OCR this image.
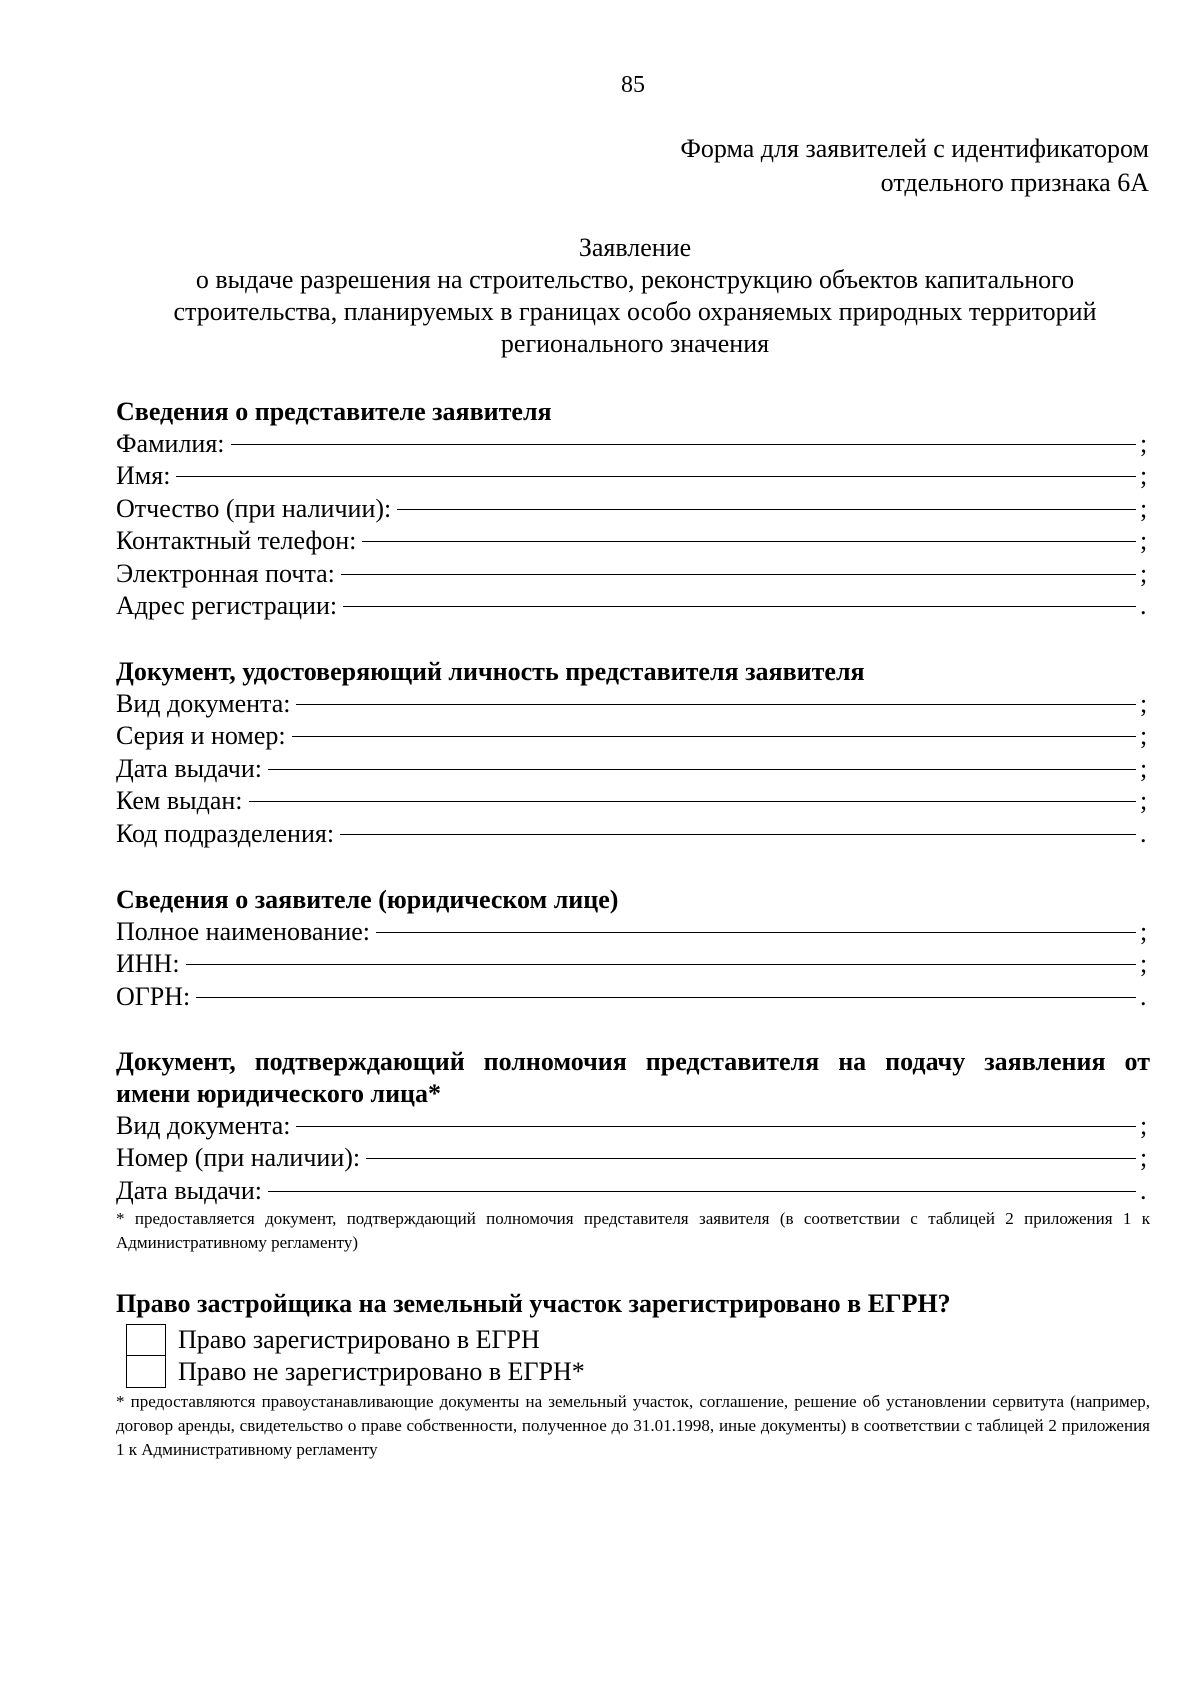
85
Форма для заявителей с идентификатором
отдельного признака 6А
Заявление
о выдаче разрешения на строительство, реконструкцию объектов капитального
строительства, планируемых в границах особо охраняемых природных территорий
регионального значения
Сведения о представителе заявителя
Фамилия:	;
Имя:	;
Отчество (при наличии):	;
Контактный телефон:	;
Электронная почта:	;
Адрес регистрации:	.
Документ, удостоверяющий личность представителя заявителя
Вид документа:	;
Серия и номер:	;
Дата выдачи:	;
Кем выдан:	;
Код подразделения:	.
Сведения о заявителе (юридическом лице)
Полное наименование:	;
ИНН:	;
ОГРН:	.
Документ, подтверждающий полномочия представителя на подачу заявления от
имени юридического лица*
Вид документа:	;
Номер (при наличии):	;
Дата выдачи:	.

* предоставляется документ, подтверждающий полномочия представителя заявителя (в соответствии с таблицей 2 приложения 1 к Административному регламенту)

Право застройщика на земельный участок зарегистрировано в ЕГРН?
Право зарегистрировано в ЕГРН
Право не зарегистрировано в ЕГРН*

* предоставляются правоустанавливающие документы на земельный участок, соглашение, решение об установлении сервитута (например, договор аренды, свидетельство о праве собственности, полученное до 31.01.1998, иные документы) в соответствии с таблицей 2 приложения 1 к Административному регламенту
